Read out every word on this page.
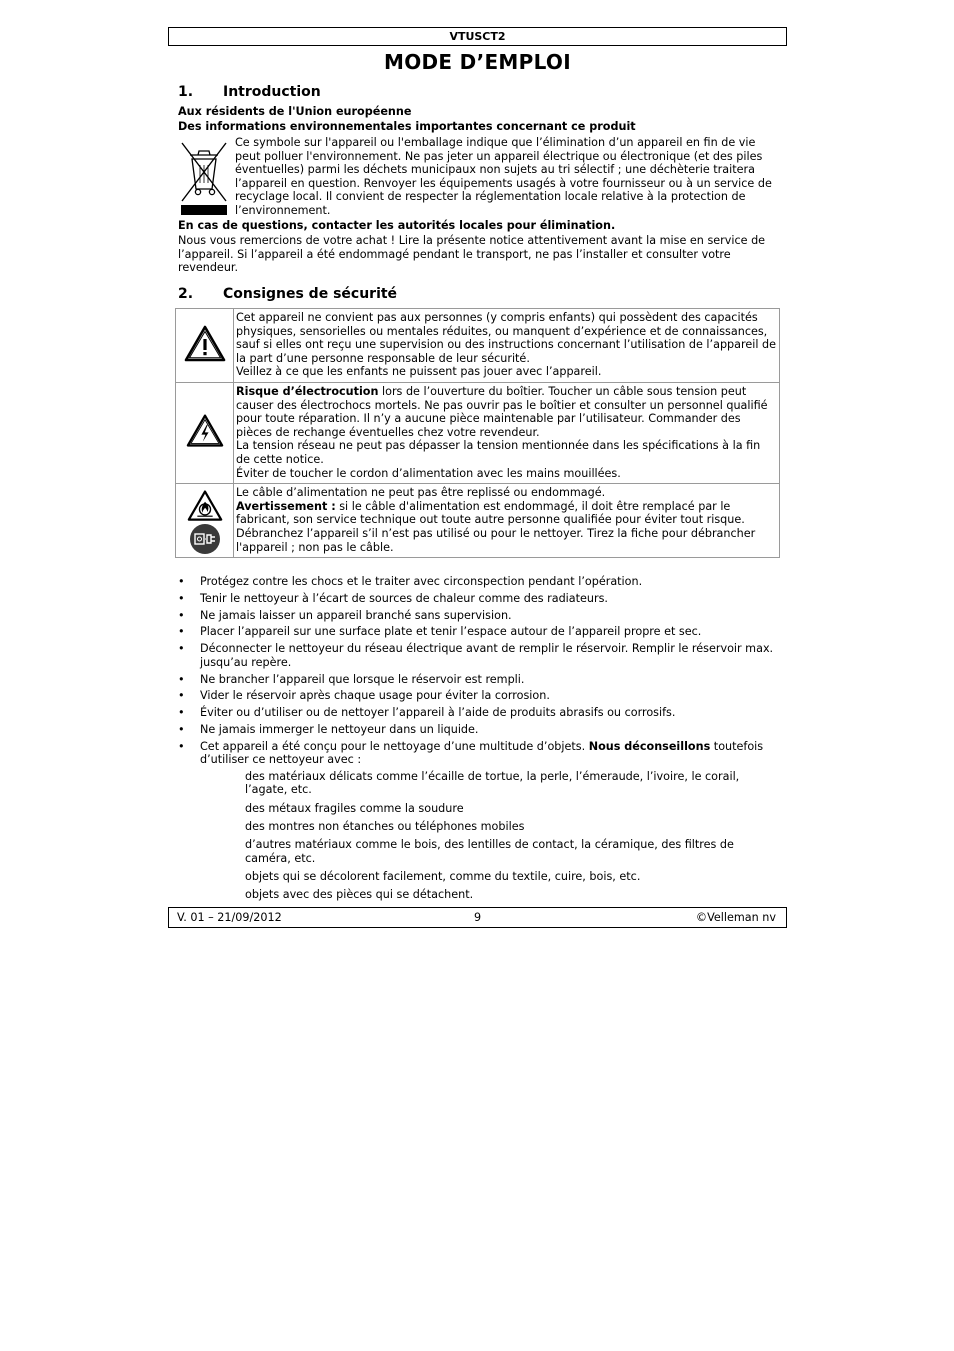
VTUSCT2
MODE D’EMPLOI
1. Introduction
Aux résidents de l'Union européenne
Des informations environnementales importantes concernant ce produit
Ce symbole sur l'appareil ou l'emballage indique que l’élimination d’un appareil en fin de vie peut polluer l'environnement. Ne pas jeter un appareil électrique ou électronique (et des piles éventuelles) parmi les déchets municipaux non sujets au tri sélectif ; une déchèterie traitera l’appareil en question. Renvoyer les équipements usagés à votre fournisseur ou à un service de recyclage local. Il convient de respecter la réglementation locale relative à la protection de l’environnement.
En cas de questions, contacter les autorités locales pour élimination.
Nous vous remercions de votre achat ! Lire la présente notice attentivement avant la mise en service de l’appareil. Si l’appareil a été endommagé pendant le transport, ne pas l’installer et consulter votre revendeur.
2. Consignes de sécurité

Cet appareil ne convient pas aux personnes (y compris enfants) qui possèdent des capacités physiques, sensorielles ou mentales réduites, ou manquent d’expérience et de connaissances, sauf si elles ont reçu une supervision ou des instructions concernant l’utilisation de l’appareil de la part d’une personne responsable de leur sécurité.

Veillez à ce que les enfants ne puissent pas jouer avec l’appareil.

Risque d’électrocution lors de l’ouverture du boîtier. Toucher un câble sous tension peut causer des électrochocs mortels. Ne pas ouvrir pas le boîtier et consulter un personnel qualifié pour toute réparation. Il n’y a aucune pièce maintenable par l’utilisateur. Commander des pièces de rechange éventuelles chez votre revendeur.

La tension réseau ne peut pas dépasser la tension mentionnée dans les spécifications à la fin de cette notice.

Éviter de toucher le cordon d’alimentation avec les mains mouillées.

Le câble d’alimentation ne peut pas être replissé ou endommagé.

Avertissement : si le câble d'alimentation est endommagé, il doit être remplacé par le fabricant, son service technique out toute autre personne qualifiée pour éviter tout risque.

Débranchez l’appareil s’il n’est pas utilisé ou pour le nettoyer. Tirez la fiche pour débrancher l'appareil ; non pas le câble.

• Protégez contre les chocs et le traiter avec circonspection pendant l’opération.
• Tenir le nettoyeur à l’écart de sources de chaleur comme des radiateurs.
• Ne jamais laisser un appareil branché sans supervision.
• Placer l’appareil sur une surface plate et tenir l’espace autour de l’appareil propre et sec.
• Déconnecter le nettoyeur du réseau électrique avant de remplir le réservoir. Remplir le réservoir max. jusqu’au repère.
• Ne brancher l’appareil que lorsque le réservoir est rempli.
• Vider le réservoir après chaque usage pour éviter la corrosion.
• Éviter ou d’utiliser ou de nettoyer l’appareil à l’aide de produits abrasifs ou corrosifs.
• Ne jamais immerger le nettoyeur dans un liquide.
• Cet appareil a été conçu pour le nettoyage d’une multitude d’objets. Nous déconseillons toutefois d’utiliser ce nettoyeur avec :
des matériaux délicats comme l’écaille de tortue, la perle, l’émeraude, l’ivoire, le corail, l’agate, etc.
des métaux fragiles comme la soudure
des montres non étanches ou téléphones mobiles
d’autres matériaux comme le bois, des lentilles de contact, la céramique, des filtres de caméra, etc.
objets qui se décolorent facilement, comme du textile, cuire, bois, etc.
objets avec des pièces qui se détachent.
V. 01 – 21/09/2012	9	©Velleman nv
